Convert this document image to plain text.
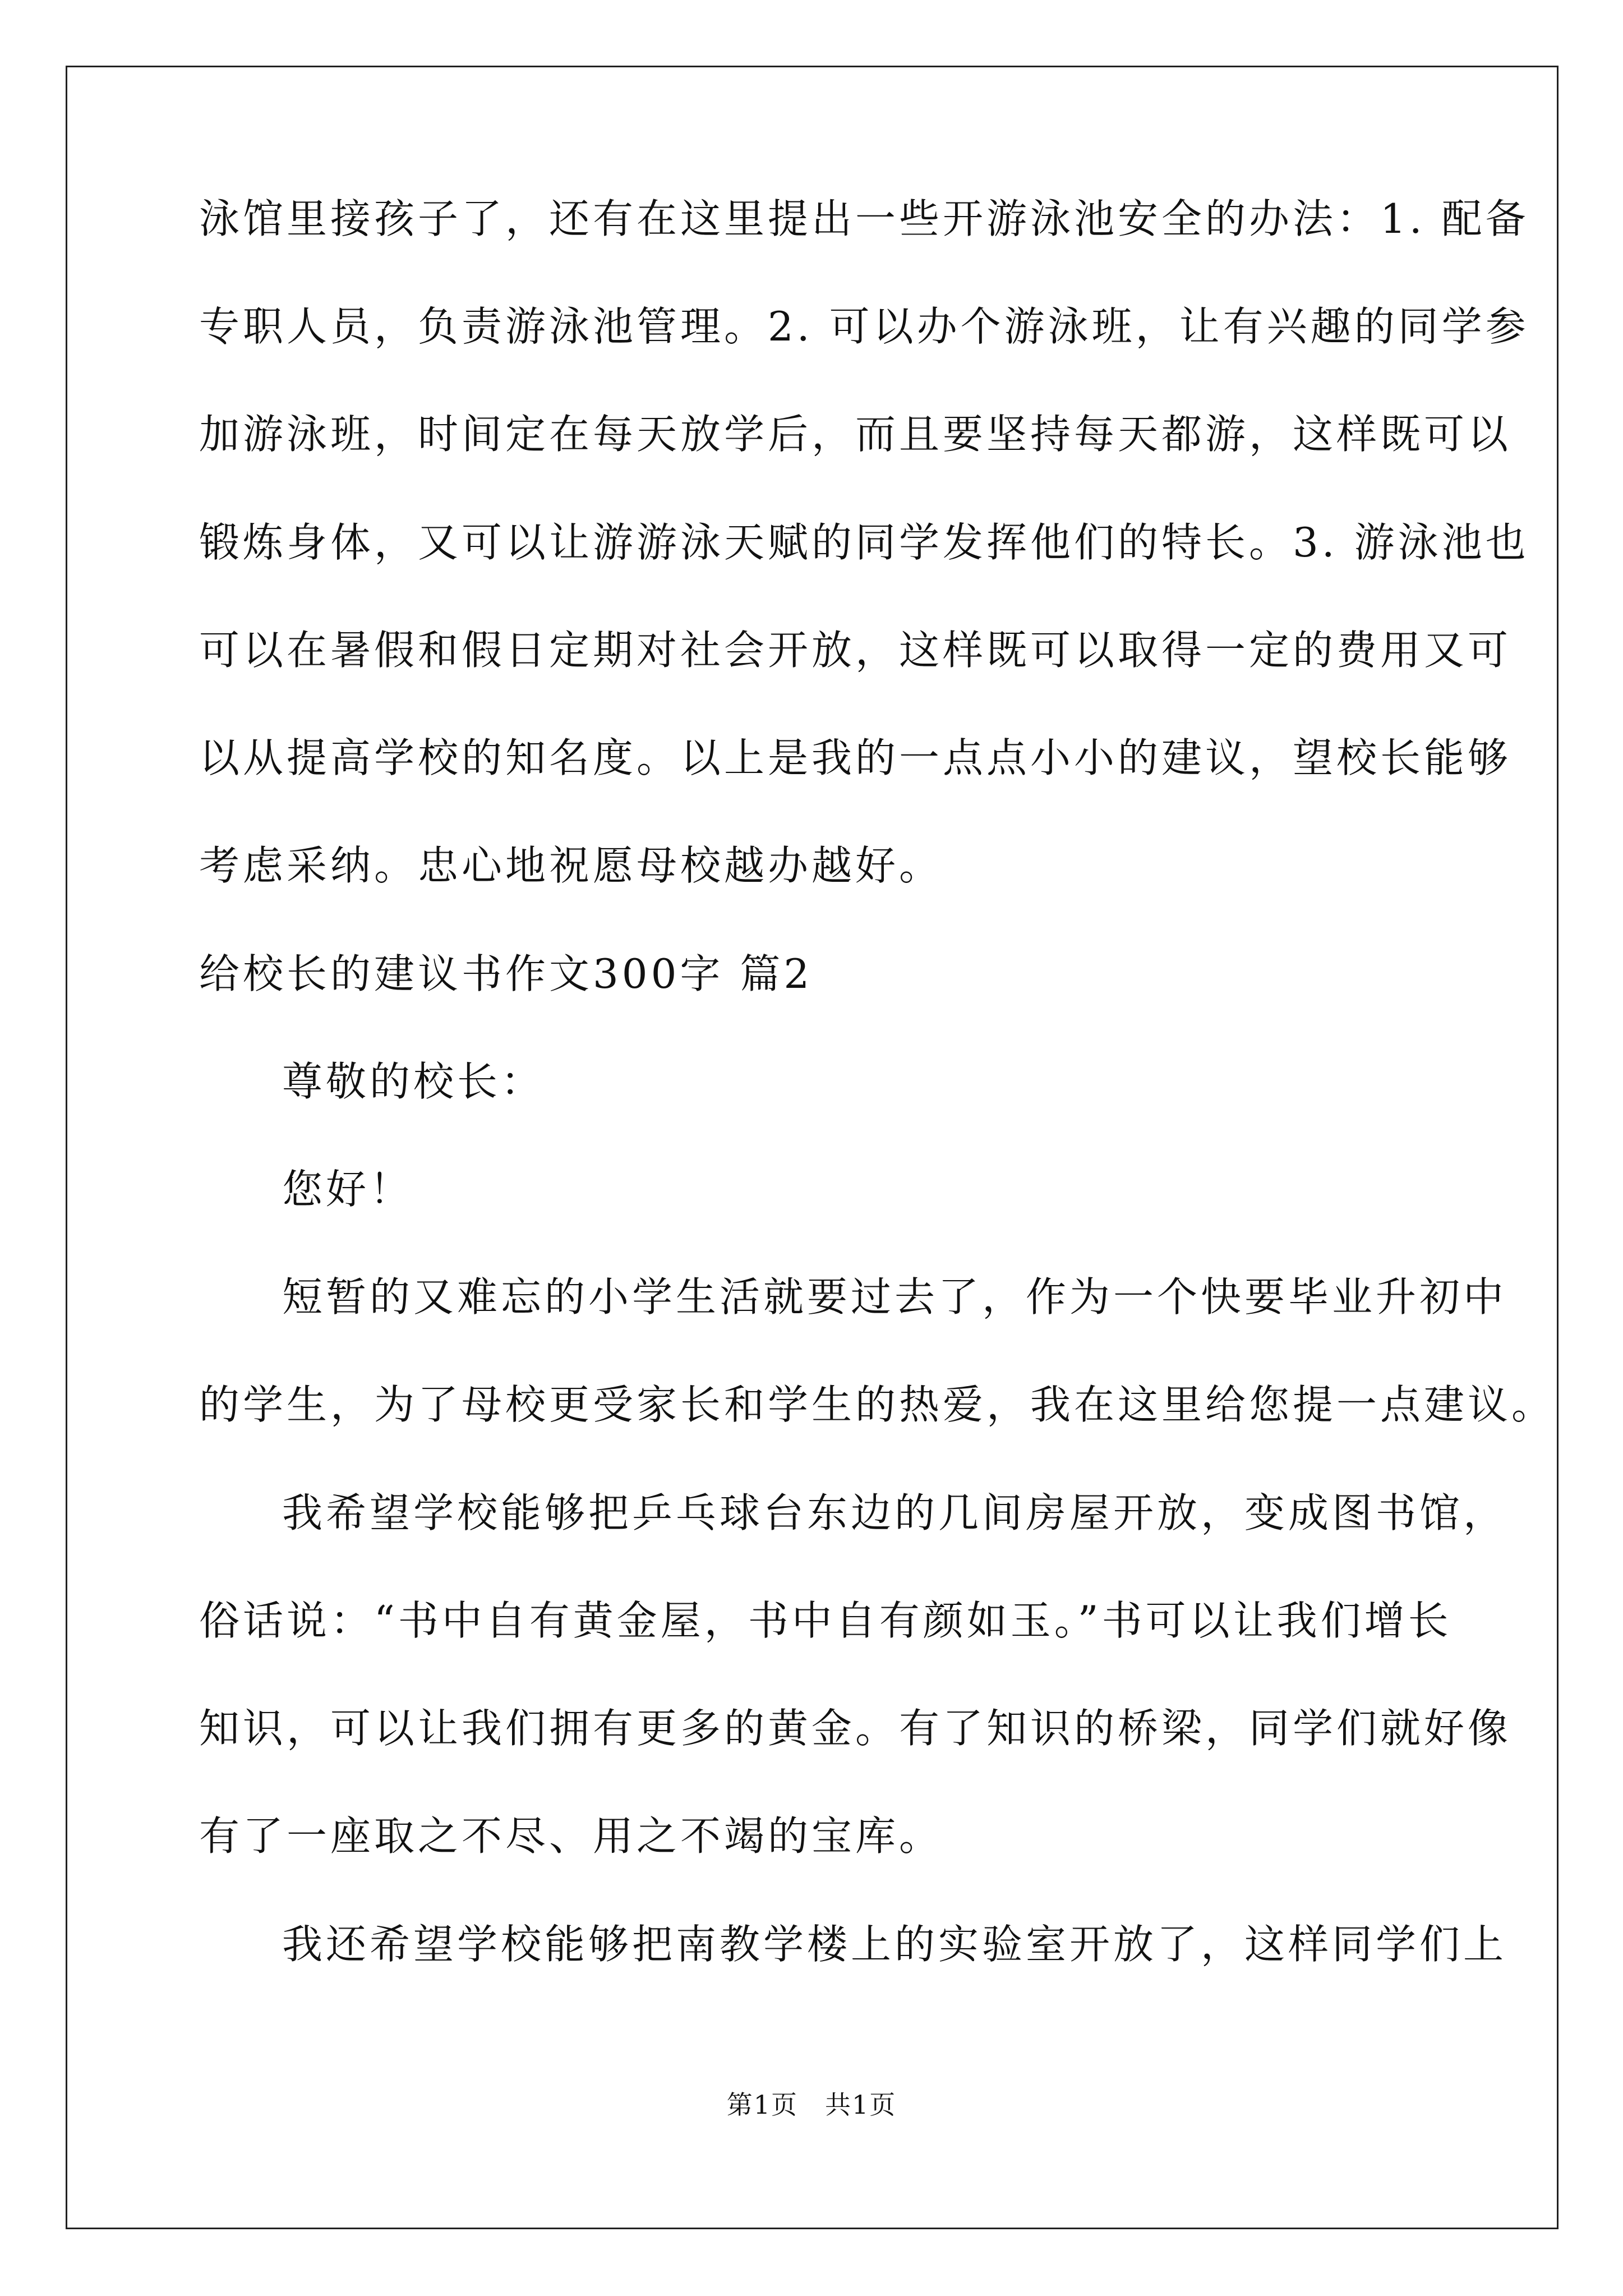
泳馆里接孩子了，还有在这里提出一些开游泳池安全的办法：1. 配备
专职人员，负责游泳池管理。2. 可以办个游泳班，让有兴趣的同学参
加游泳班，时间定在每天放学后，而且要坚持每天都游，这样既可以
锻炼身体，又可以让游游泳天赋的同学发挥他们的特长。3. 游泳池也
可以在暑假和假日定期对社会开放，这样既可以取得一定的费用又可
以从提高学校的知名度。以上是我的一点点小小的建议，望校长能够
考虑采纳。忠心地祝愿母校越办越好。
给校长的建议书作文300字 篇2
尊敬的校长：
您好！
短暂的又难忘的小学生活就要过去了，作为一个快要毕业升初中
的学生，为了母校更受家长和学生的热爱，我在这里给您提一点建议。
我希望学校能够把乒乓球台东边的几间房屋开放，变成图书馆，
俗话说：“书中自有黄金屋，书中自有颜如玉。”书可以让我们增长
知识，可以让我们拥有更多的黄金。有了知识的桥梁，同学们就好像
有了一座取之不尽、用之不竭的宝库。
我还希望学校能够把南教学楼上的实验室开放了，这样同学们上
第1页　共1页
